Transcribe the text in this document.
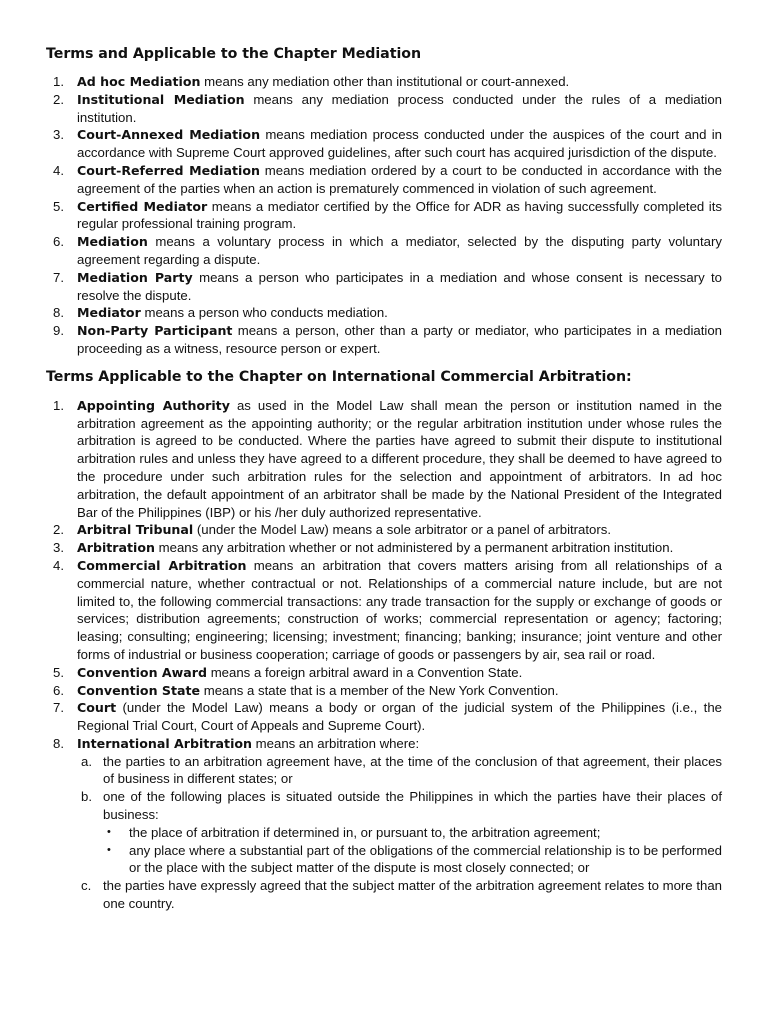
Terms and Applicable to the Chapter Mediation
1. Ad hoc Mediation means any mediation other than institutional or court-annexed.
2. Institutional Mediation means any mediation process conducted under the rules of a mediation institution.
3. Court-Annexed Mediation means mediation process conducted under the auspices of the court and in accordance with Supreme Court approved guidelines, after such court has acquired jurisdiction of the dispute.
4. Court-Referred Mediation means mediation ordered by a court to be conducted in accordance with the agreement of the parties when an action is prematurely commenced in violation of such agreement.
5. Certified Mediator means a mediator certified by the Office for ADR as having successfully completed its regular professional training program.
6. Mediation means a voluntary process in which a mediator, selected by the disputing party voluntary agreement regarding a dispute.
7. Mediation Party means a person who participates in a mediation and whose consent is necessary to resolve the dispute.
8. Mediator means a person who conducts mediation.
9. Non-Party Participant means a person, other than a party or mediator, who participates in a mediation proceeding as a witness, resource person or expert.
Terms Applicable to the Chapter on International Commercial Arbitration:
1. Appointing Authority as used in the Model Law shall mean the person or institution named in the arbitration agreement as the appointing authority; or the regular arbitration institution under whose rules the arbitration is agreed to be conducted. Where the parties have agreed to submit their dispute to institutional arbitration rules and unless they have agreed to a different procedure, they shall be deemed to have agreed to the procedure under such arbitration rules for the selection and appointment of arbitrators. In ad hoc arbitration, the default appointment of an arbitrator shall be made by the National President of the Integrated Bar of the Philippines (IBP) or his /her duly authorized representative.
2. Arbitral Tribunal (under the Model Law) means a sole arbitrator or a panel of arbitrators.
3. Arbitration means any arbitration whether or not administered by a permanent arbitration institution.
4. Commercial Arbitration means an arbitration that covers matters arising from all relationships of a commercial nature, whether contractual or not. Relationships of a commercial nature include, but are not limited to, the following commercial transactions: any trade transaction for the supply or exchange of goods or services; distribution agreements; construction of works; commercial representation or agency; factoring; leasing; consulting; engineering; licensing; investment; financing; banking; insurance; joint venture and other forms of industrial or business cooperation; carriage of goods or passengers by air, sea rail or road.
5. Convention Award means a foreign arbitral award in a Convention State.
6. Convention State means a state that is a member of the New York Convention.
7. Court (under the Model Law) means a body or organ of the judicial system of the Philippines (i.e., the Regional Trial Court, Court of Appeals and Supreme Court).
8. International Arbitration means an arbitration where:
a. the parties to an arbitration agreement have, at the time of the conclusion of that agreement, their places of business in different states; or
b. one of the following places is situated outside the Philippines in which the parties have their places of business:
• the place of arbitration if determined in, or pursuant to, the arbitration agreement;
• any place where a substantial part of the obligations of the commercial relationship is to be performed or the place with the subject matter of the dispute is most closely connected; or
c. the parties have expressly agreed that the subject matter of the arbitration agreement relates to more than one country.
